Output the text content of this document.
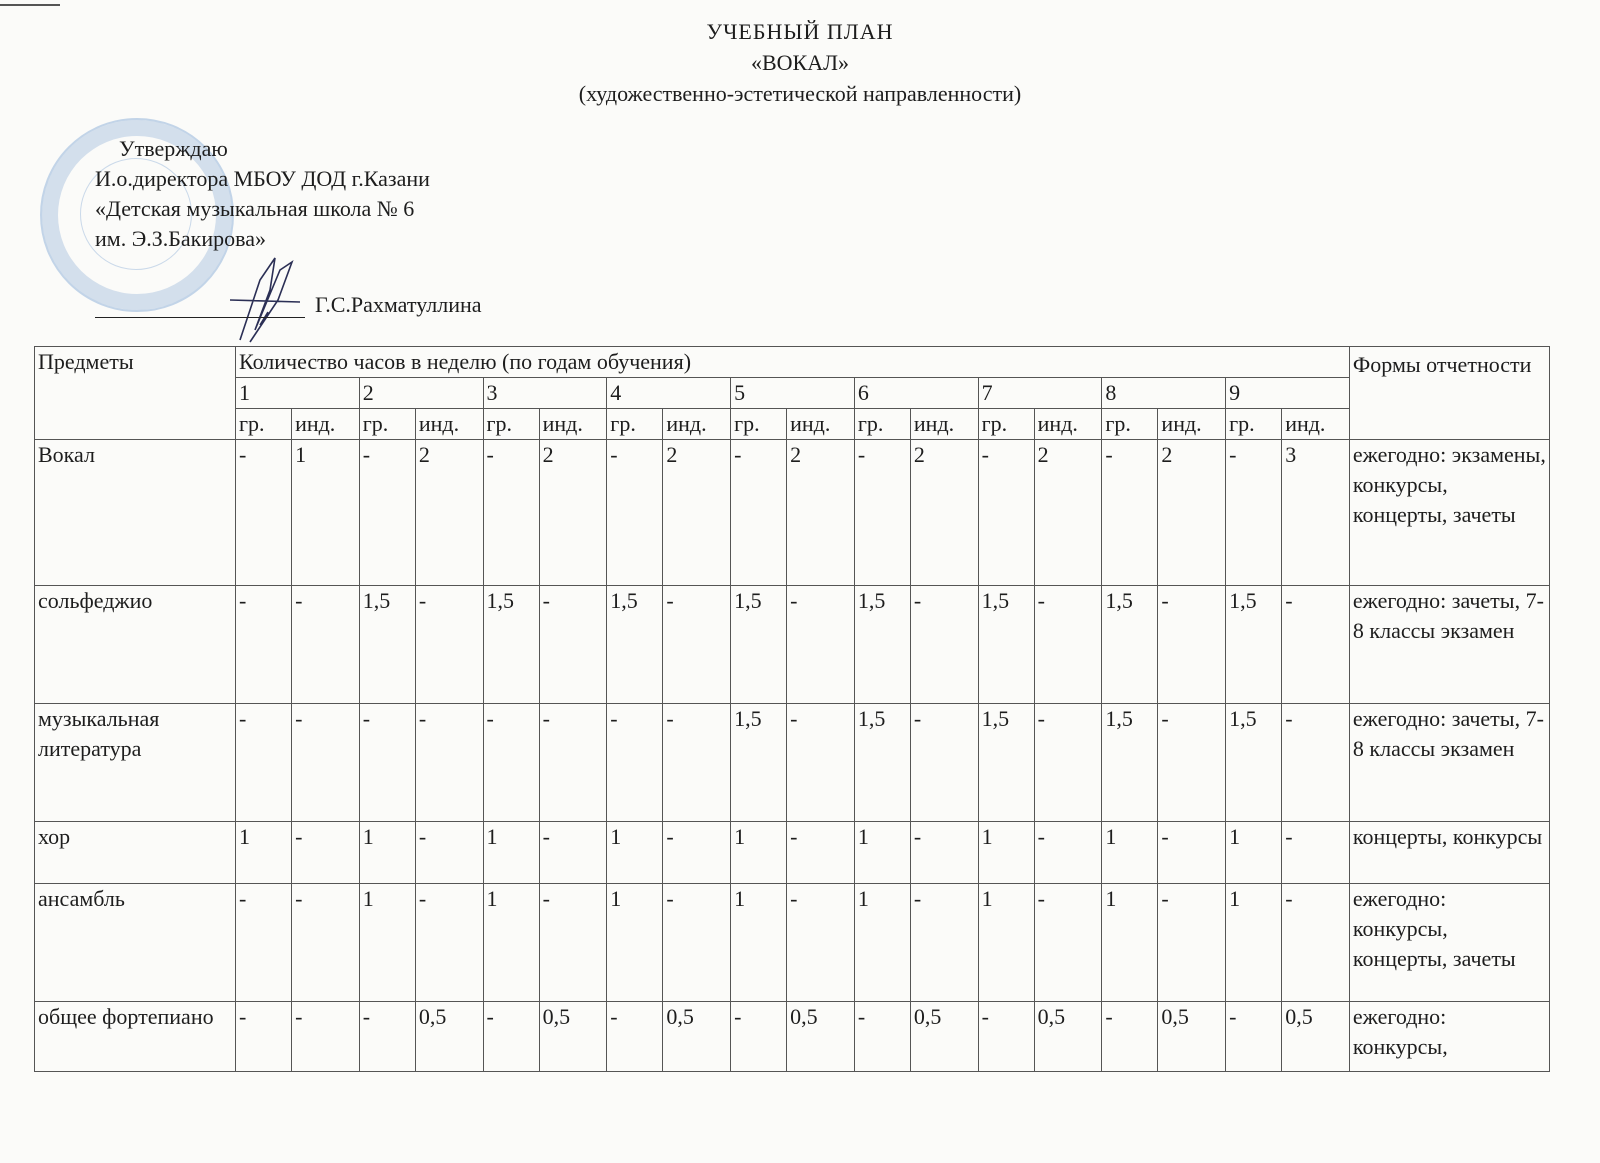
УЧЕБНЫЙ ПЛАН
«ВОКАЛ»
(художественно-эстетической направленности)
Утверждаю
И.о.директора МБОУ ДОД г.Казани
«Детская музыкальная школа № 6
им. Э.З.Бакирова»
Г.С.Рахматуллина
Предметы	Количество часов в неделю (по годам обучения)																		Формы отчетности
	1		2		3		4		5		6		7		8		9		
	гр.	инд.	гр.	инд.	гр.	инд.	гр.	инд.	гр.	инд.	гр.	инд.	гр.	инд.	гр.	инд.	гр.	инд.	
Вокал	-	1	-	2	-	2	-	2	-	2	-	2	-	2	-	2	-	3	ежегодно: экзамены, конкурсы, концерты, зачеты
сольфеджио	-	-	1,5	-	1,5	-	1,5	-	1,5	-	1,5	-	1,5	-	1,5	-	1,5	-	ежегодно: зачеты, 7-8 классы экзамен
музыкальная литература	-	-	-	-	-	-	-	-	1,5	-	1,5	-	1,5	-	1,5	-	1,5	-	ежегодно: зачеты, 7-8 классы экзамен
хор	1	-	1	-	1	-	1	-	1	-	1	-	1	-	1	-	1	-	концерты, конкурсы
ансамбль	-	-	1	-	1	-	1	-	1	-	1	-	1	-	1	-	1	-	ежегодно: конкурсы, концерты, зачеты
общее фортепиано	-	-	-	0,5	-	0,5	-	0,5	-	0,5	-	0,5	-	0,5	-	0,5	-	0,5	ежегодно: конкурсы,
